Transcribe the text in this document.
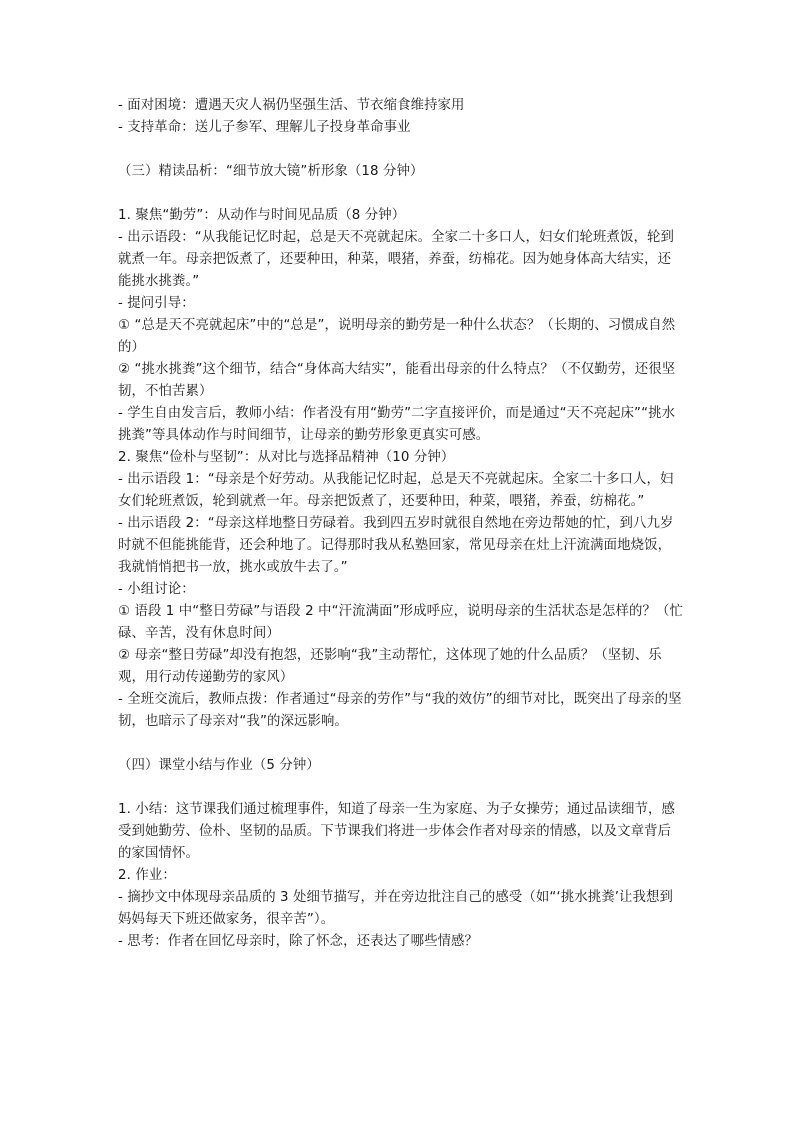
- 面对困境：遭遇天灾人祸仍坚强生活、节衣缩食维持家用

- 支持革命：送儿子参军、理解儿子投身革命事业

（三）精读品析：“细节放大镜”析形象（18 分钟）

1. 聚焦“勤劳”：从动作与时间见品质（8 分钟）

- 出示语段：“从我能记忆时起，总是天不亮就起床。全家二十多口人，妇女们轮班煮饭，轮到就煮一年。母亲把饭煮了，还要种田，种菜，喂猪，养蚕，纺棉花。因为她身体高大结实，还能挑水挑粪。”

- 提问引导：

① “总是天不亮就起床”中的“总是”，说明母亲的勤劳是一种什么状态？（长期的、习惯成自然的）

② “挑水挑粪”这个细节，结合“身体高大结实”，能看出母亲的什么特点？（不仅勤劳，还很坚韧，不怕苦累）

- 学生自由发言后，教师小结：作者没有用“勤劳”二字直接评价，而是通过“天不亮起床”“挑水挑粪”等具体动作与时间细节，让母亲的勤劳形象更真实可感。

2. 聚焦“俭朴与坚韧”：从对比与选择品精神（10 分钟）

- 出示语段 1：“母亲是个好劳动。从我能记忆时起，总是天不亮就起床。全家二十多口人，妇女们轮班煮饭，轮到就煮一年。母亲把饭煮了，还要种田，种菜，喂猪，养蚕，纺棉花。”

- 出示语段 2：“母亲这样地整日劳碌着。我到四五岁时就很自然地在旁边帮她的忙，到八九岁时就不但能挑能背，还会种地了。记得那时我从私塾回家，常见母亲在灶上汗流满面地烧饭，我就悄悄把书一放，挑水或放牛去了。”

- 小组讨论：

① 语段 1 中“整日劳碌”与语段 2 中“汗流满面”形成呼应，说明母亲的生活状态是怎样的？（忙碌、辛苦，没有休息时间）

② 母亲“整日劳碌”却没有抱怨，还影响“我”主动帮忙，这体现了她的什么品质？（坚韧、乐观，用行动传递勤劳的家风）

- 全班交流后，教师点拨：作者通过“母亲的劳作”与“我的效仿”的细节对比，既突出了母亲的坚韧，也暗示了母亲对“我”的深远影响。

（四）课堂小结与作业（5 分钟）

1. 小结：这节课我们通过梳理事件，知道了母亲一生为家庭、为子女操劳；通过品读细节，感受到她勤劳、俭朴、坚韧的品质。下节课我们将进一步体会作者对母亲的情感，以及文章背后的家国情怀。

2. 作业：

- 摘抄文中体现母亲品质的 3 处细节描写，并在旁边批注自己的感受（如“‘挑水挑粪’让我想到妈妈每天下班还做家务，很辛苦”）。

- 思考：作者在回忆母亲时，除了怀念，还表达了哪些情感？
